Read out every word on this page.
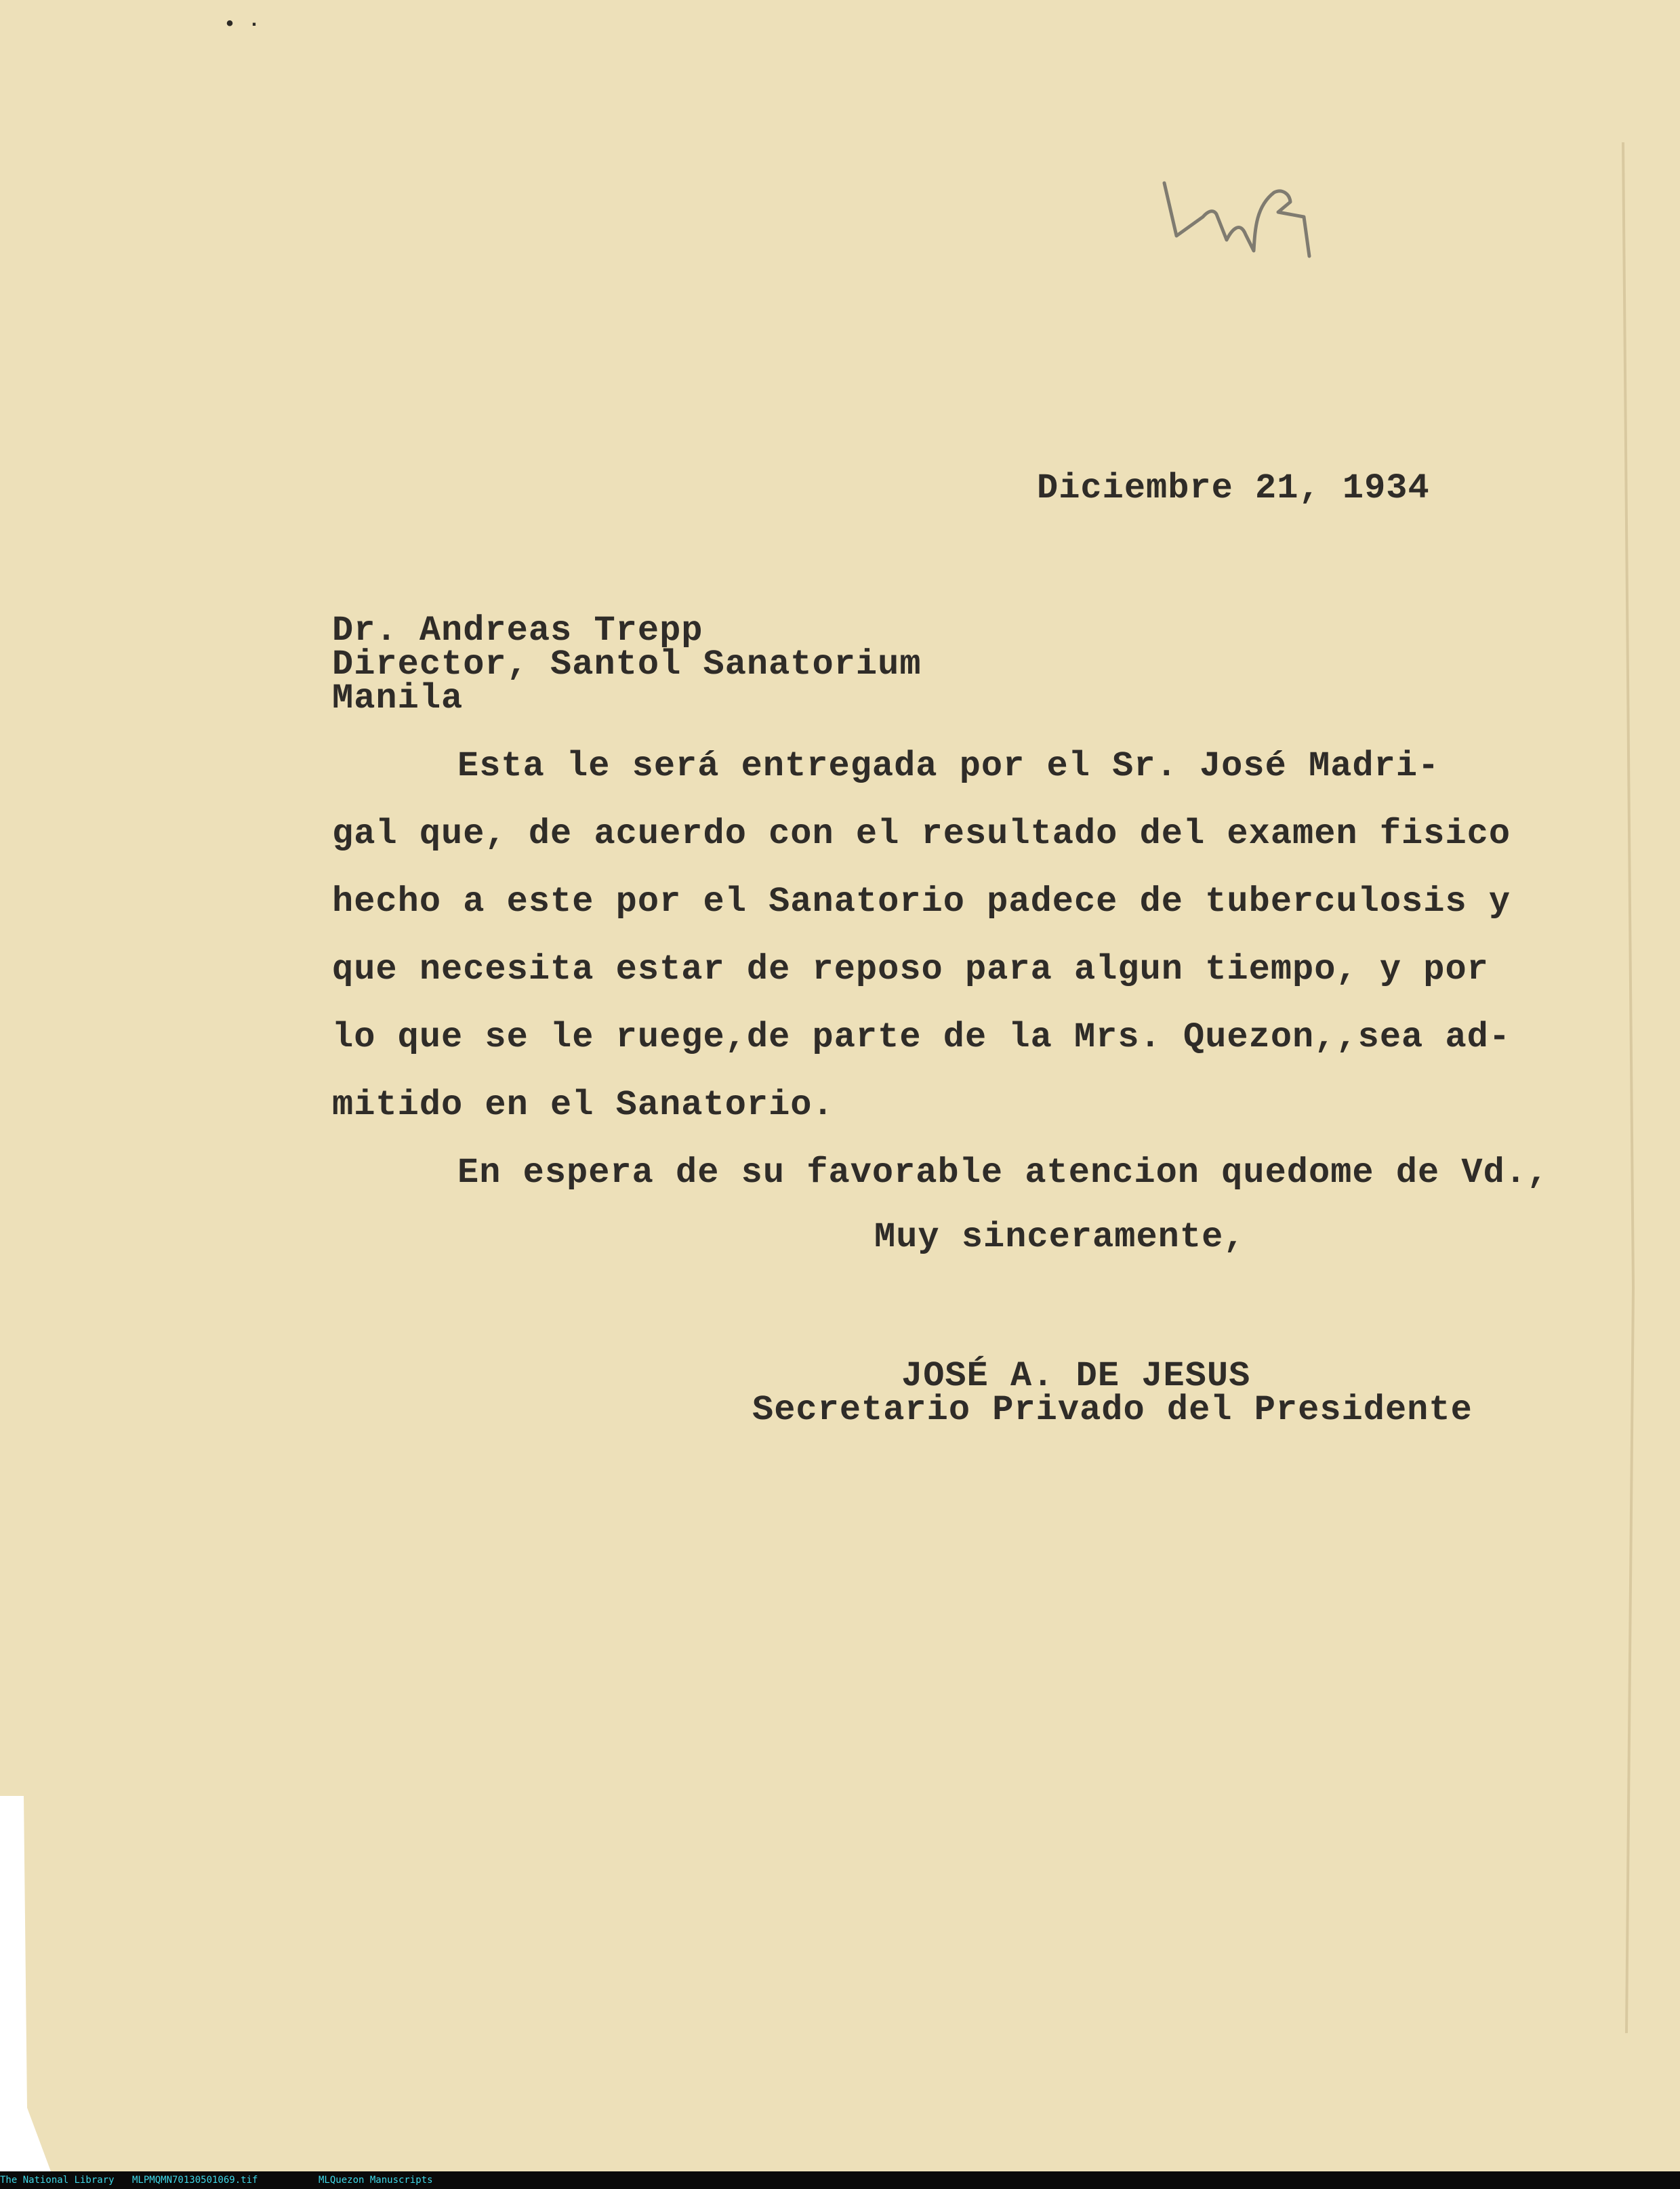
• ·
Diciembre 21, 1934
Dr. Andreas Trepp
Director, Santol Sanatorium
Manila
Esta le será entregada por el Sr. José Madri-
gal que, de acuerdo con el resultado del examen fisico
hecho a este por el Sanatorio padece de tuberculosis y
que necesita estar de reposo para algun tiempo, y por
lo que se le ruege,de parte de la Mrs. Quezon,,sea ad-
mitido en el Sanatorio.
En espera de su favorable atencion quedome de Vd.,
Muy sinceramente,
JOSÉ A. DE JESUS
Secretario Privado del Presidente
The National Library MLPMQMN70130501069.tif	MLQuezon Manuscripts
